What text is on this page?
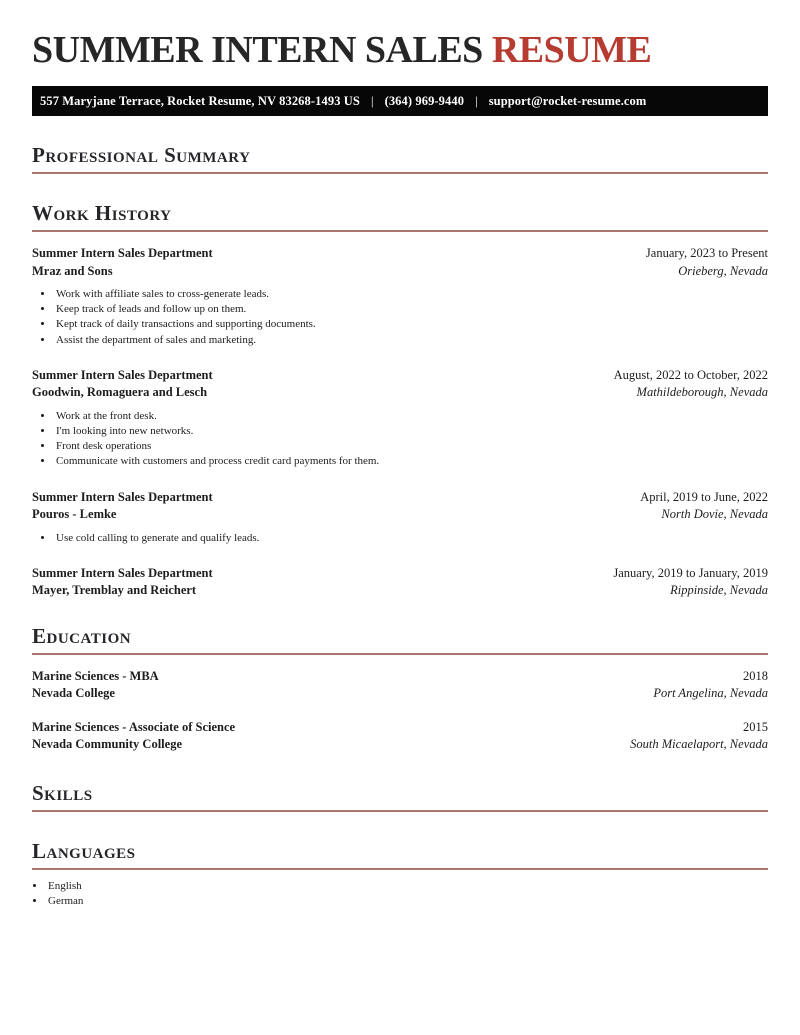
SUMMER INTERN SALES RESUME
557 Maryjane Terrace, Rocket Resume, NV 83268-1493 US | (364) 969-9440 | support@rocket-resume.com
Professional Summary
Work History
Summer Intern Sales Department	January, 2023 to Present
Mraz and Sons	Orieberg, Nevada
• Work with affiliate sales to cross-generate leads.
• Keep track of leads and follow up on them.
• Kept track of daily transactions and supporting documents.
• Assist the department of sales and marketing.
Summer Intern Sales Department	August, 2022 to October, 2022
Goodwin, Romaguera and Lesch	Mathildeborough, Nevada
• Work at the front desk.
• I'm looking into new networks.
• Front desk operations
• Communicate with customers and process credit card payments for them.
Summer Intern Sales Department	April, 2019 to June, 2022
Pouros - Lemke	North Dovie, Nevada
• Use cold calling to generate and qualify leads.
Summer Intern Sales Department	January, 2019 to January, 2019
Mayer, Tremblay and Reichert	Rippinside, Nevada
Education
Marine Sciences - MBA	2018
Nevada College	Port Angelina, Nevada
Marine Sciences - Associate of Science	2015
Nevada Community College	South Micaelaport, Nevada
Skills
Languages
• English
• German
